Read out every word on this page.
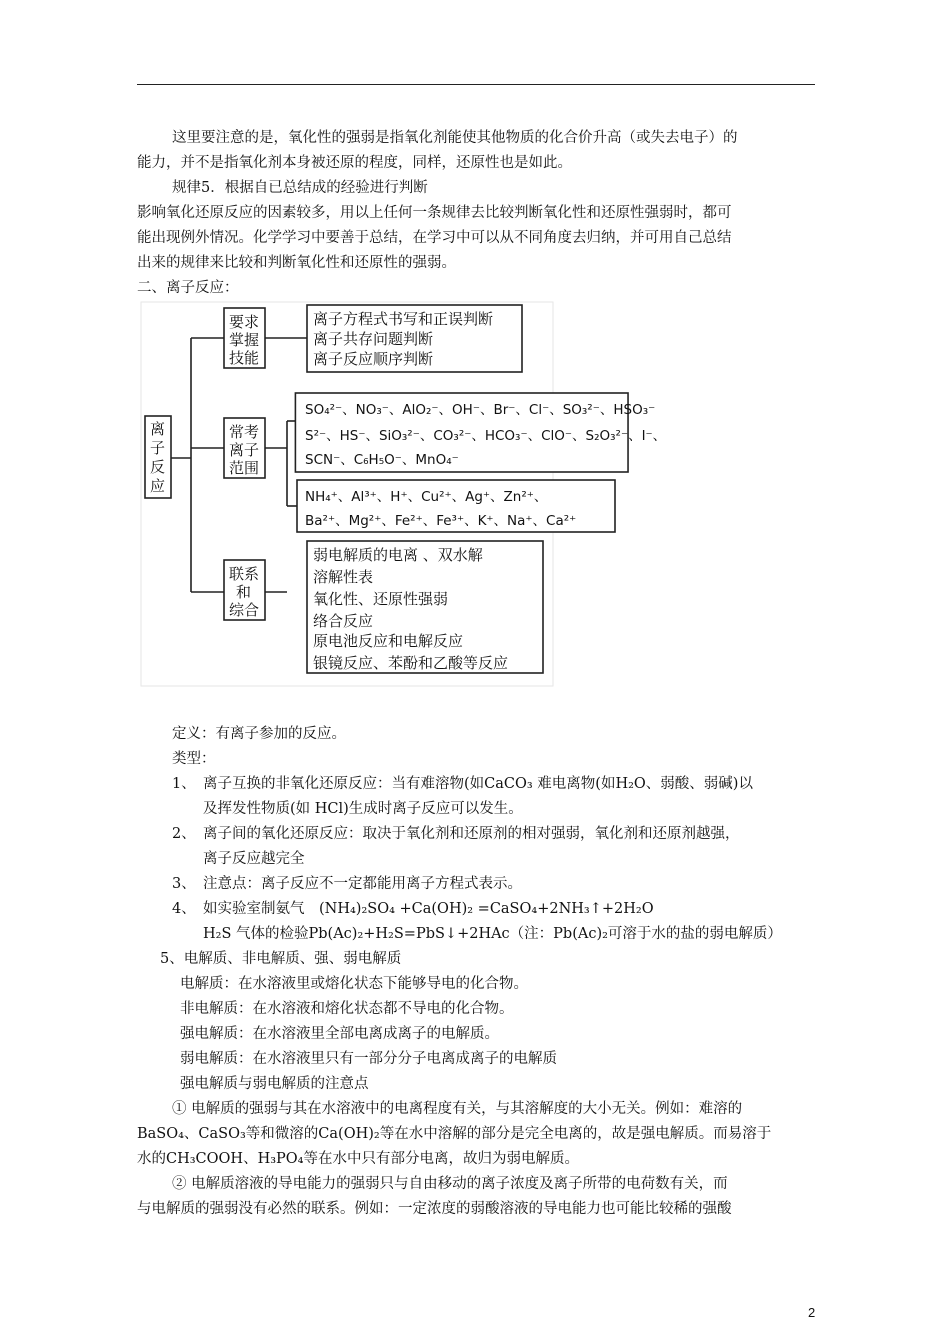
这里要注意的是，氧化性的强弱是指氧化剂能使其他物质的化合价升高（或失去电子）的
能力，并不是指氧化剂本身被还原的程度，同样，还原性也是如此。
规律5．根据自已总结成的经验进行判断
影响氧化还原反应的因素较多，用以上任何一条规律去比较判断氧化性和还原性强弱时，都可
能出现例外情况。化学学习中要善于总结，在学习中可以从不同角度去归纳，并可用自己总结
出来的规律来比较和判断氧化性和还原性的强弱。
二、离子反应：
离
子
反
应
要求
掌握
技能
离子方程式书写和正误判断
离子共存问题判断
离子反应顺序判断
常考
离子
范围
SO₄²⁻、NO₃⁻、AlO₂⁻、OH⁻、Br⁻、Cl⁻、SO₃²⁻、HSO₃⁻
S²⁻、HS⁻、SiO₃²⁻、CO₃²⁻、HCO₃⁻、ClO⁻、S₂O₃²⁻、I⁻、
SCN⁻、C₆H₅O⁻、MnO₄⁻
NH₄⁺、Al³⁺、H⁺、Cu²⁺、Ag⁺、Zn²⁺、
Ba²⁺、Mg²⁺、Fe²⁺、Fe³⁺、K⁺、Na⁺、Ca²⁺
联系
和
综合
弱电解质的电离 、双水解
溶解性表
氧化性、还原性强弱
络合反应
原电池反应和电解反应
银镜反应、苯酚和乙酸等反应
定义：有离子参加的反应。
类型：
1、 离子互换的非氧化还原反应：当有难溶物(如CaCO₃ 难电离物(如H₂O、弱酸、弱碱)以
及挥发性物质(如 HCl)生成时离子反应可以发生。
2、 离子间的氧化还原反应：取决于氧化剂和还原剂的相对强弱，氧化剂和还原剂越强，
离子反应越完全
3、 注意点：离子反应不一定都能用离子方程式表示。
4、 如实验室制氨气　(NH₄)₂SO₄ +Ca(OH)₂ =CaSO₄+2NH₃↑+2H₂O
H₂S 气体的检验Pb(Ac)₂+H₂S=PbS↓+2HAc（注：Pb(Ac)₂可溶于水的盐的弱电解质）
5、电解质、非电解质、强、弱电解质
电解质：在水溶液里或熔化状态下能够导电的化合物。
非电解质：在水溶液和熔化状态都不导电的化合物。
强电解质：在水溶液里全部电离成离子的电解质。
弱电解质：在水溶液里只有一部分分子电离成离子的电解质
强电解质与弱电解质的注意点
① 电解质的强弱与其在水溶液中的电离程度有关，与其溶解度的大小无关。例如：难溶的
BaSO₄、CaSO₃等和微溶的Ca(OH)₂等在水中溶解的部分是完全电离的，故是强电解质。而易溶于
水的CH₃COOH、H₃PO₄等在水中只有部分电离，故归为弱电解质。
② 电解质溶液的导电能力的强弱只与自由移动的离子浓度及离子所带的电荷数有关，而
与电解质的强弱没有必然的联系。例如：一定浓度的弱酸溶液的导电能力也可能比较稀的强酸
2
